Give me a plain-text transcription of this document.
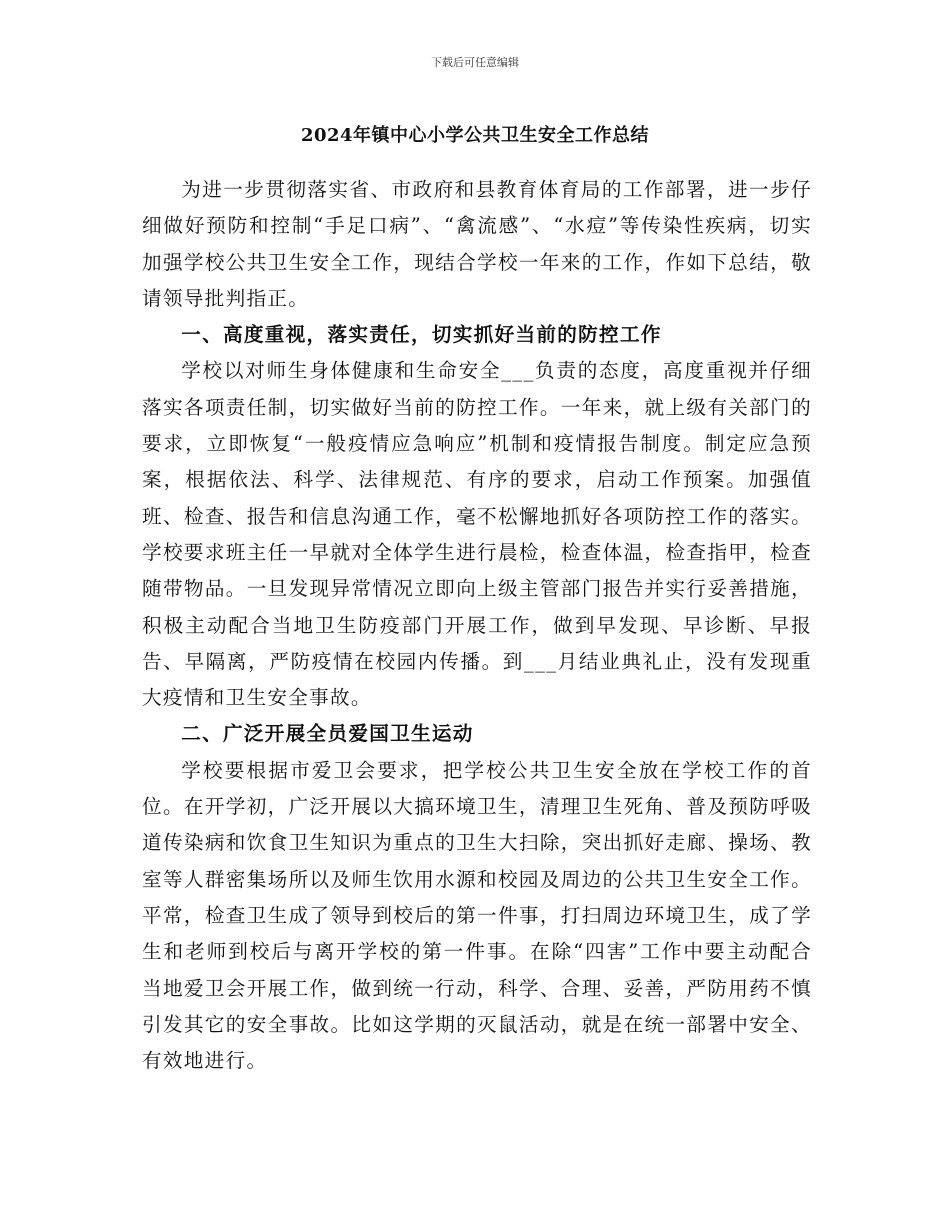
下载后可任意编辑
2024年镇中心小学公共卫生安全工作总结

为进一步贯彻落实省、市政府和县教育体育局的工作部署，进一步仔细做好预防和控制“手足口病”、“禽流感”、“水痘”等传染性疾病，切实加强学校公共卫生安全工作，现结合学校一年来的工作，作如下总结，敬请领导批判指正。

一、高度重视，落实责任，切实抓好当前的防控工作

学校以对师生身体健康和生命安全___负责的态度，高度重视并仔细落实各项责任制，切实做好当前的防控工作。一年来，就上级有关部门的要求，立即恢复“一般疫情应急响应”机制和疫情报告制度。制定应急预案，根据依法、科学、法律规范、有序的要求，启动工作预案。加强值班、检查、报告和信息沟通工作，毫不松懈地抓好各项防控工作的落实。学校要求班主任一早就对全体学生进行晨检，检查体温，检查指甲，检查随带物品。一旦发现异常情况立即向上级主管部门报告并实行妥善措施，积极主动配合当地卫生防疫部门开展工作，做到早发现、早诊断、早报告、早隔离，严防疫情在校园内传播。到___月结业典礼止，没有发现重大疫情和卫生安全事故。

二、广泛开展全员爱国卫生运动

学校要根据市爱卫会要求，把学校公共卫生安全放在学校工作的首位。在开学初，广泛开展以大搞环境卫生，清理卫生死角、普及预防呼吸道传染病和饮食卫生知识为重点的卫生大扫除，突出抓好走廊、操场、教室等人群密集场所以及师生饮用水源和校园及周边的公共卫生安全工作。平常，检查卫生成了领导到校后的第一件事，打扫周边环境卫生，成了学生和老师到校后与离开学校的第一件事。在除“四害”工作中要主动配合当地爱卫会开展工作，做到统一行动，科学、合理、妥善，严防用药不慎引发其它的安全事故。比如这学期的灭鼠活动，就是在统一部署中安全、有效地进行。
